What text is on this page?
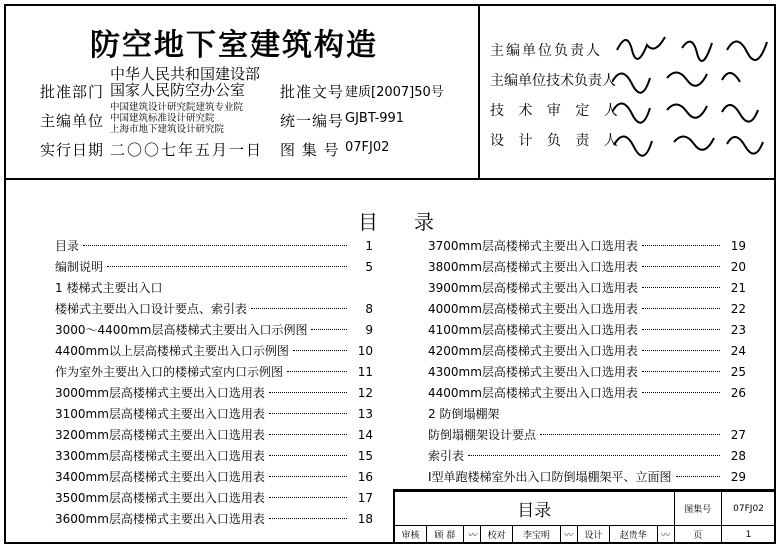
防空地下室建筑构造
批准部门
中华人民共和国建设部
国家人民防空办公室
主编单位
中国建筑设计研究院建筑专业院
中国建筑标准设计研究院
上海市地下建筑设计研究院
实行日期 二〇〇七年五月一日
批准文号 建质[2007]50号
统一编号 GJBT-991
图 集 号 07FJ02
主编单位负责人
主编单位技术负责人
技 术 审 定 人
设 计 负 责 人
目录
目录	1
编制说明	5
1 楼梯式主要出入口
楼梯式主要出入口设计要点、索引表	8
3000～4400mm层高楼梯式主要出入口示例图	9
4400mm以上层高楼梯式主要出入口示例图	10
作为室外主要出入口的楼梯式室内口示例图	11
3000mm层高楼梯式主要出入口选用表	12
3100mm层高楼梯式主要出入口选用表	13
3200mm层高楼梯式主要出入口选用表	14
3300mm层高楼梯式主要出入口选用表	15
3400mm层高楼梯式主要出入口选用表	16
3500mm层高楼梯式主要出入口选用表	17
3600mm层高楼梯式主要出入口选用表	18
3700mm层高楼梯式主要出入口选用表	19
3800mm层高楼梯式主要出入口选用表	20
3900mm层高楼梯式主要出入口选用表	21
4000mm层高楼梯式主要出入口选用表	22
4100mm层高楼梯式主要出入口选用表	23
4200mm层高楼梯式主要出入口选用表	24
4300mm层高楼梯式主要出入口选用表	25
4400mm层高楼梯式主要出入口选用表	26
2 防倒塌棚架
防倒塌棚架设计要点	27
索引表	28
Ⅰ型单跑楼梯室外出入口防倒塌棚架平、立面图	29
目录									图集号	07FJ02
审核	顾 群	〰	校对	李宝明	〰	设计	赵贵华	〰	页	1
